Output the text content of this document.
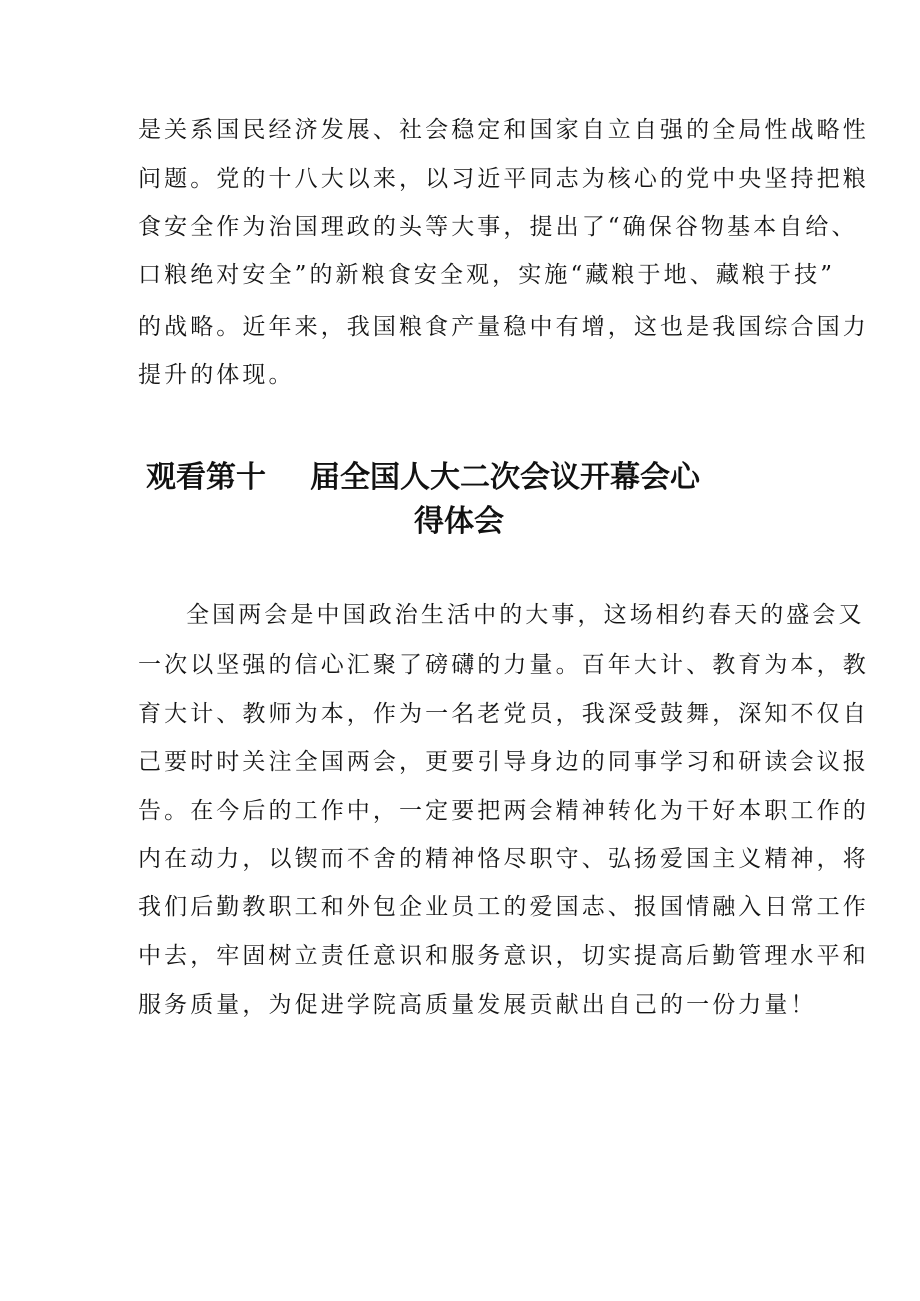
是关系国民经济发展、社会稳定和国家自立自强的全局性战略性
问题。党的十八大以来，以习近平同志为核心的党中央坚持把粮
食安全作为治国理政的头等大事，提出了“确保谷物基本自给、
口粮绝对安全”的新粮食安全观，实施“藏粮于地、藏粮于技”
的战略。近年来，我国粮食产量稳中有增，这也是我国综合国力
提升的体现。
观看第十 届全国人大二次会议开幕会心
得体会
全国两会是中国政治生活中的大事，这场相约春天的盛会又
一次以坚强的信心汇聚了磅礴的力量。百年大计、教育为本，教
育大计、教师为本，作为一名老党员，我深受鼓舞，深知不仅自
己要时时关注全国两会，更要引导身边的同事学习和研读会议报
告。在今后的工作中，一定要把两会精神转化为干好本职工作的
内在动力，以锲而不舍的精神恪尽职守、弘扬爱国主义精神，将
我们后勤教职工和外包企业员工的爱国志、报国情融入日常工作
中去，牢固树立责任意识和服务意识，切实提高后勤管理水平和
服务质量，为促进学院高质量发展贡献出自己的一份力量！
